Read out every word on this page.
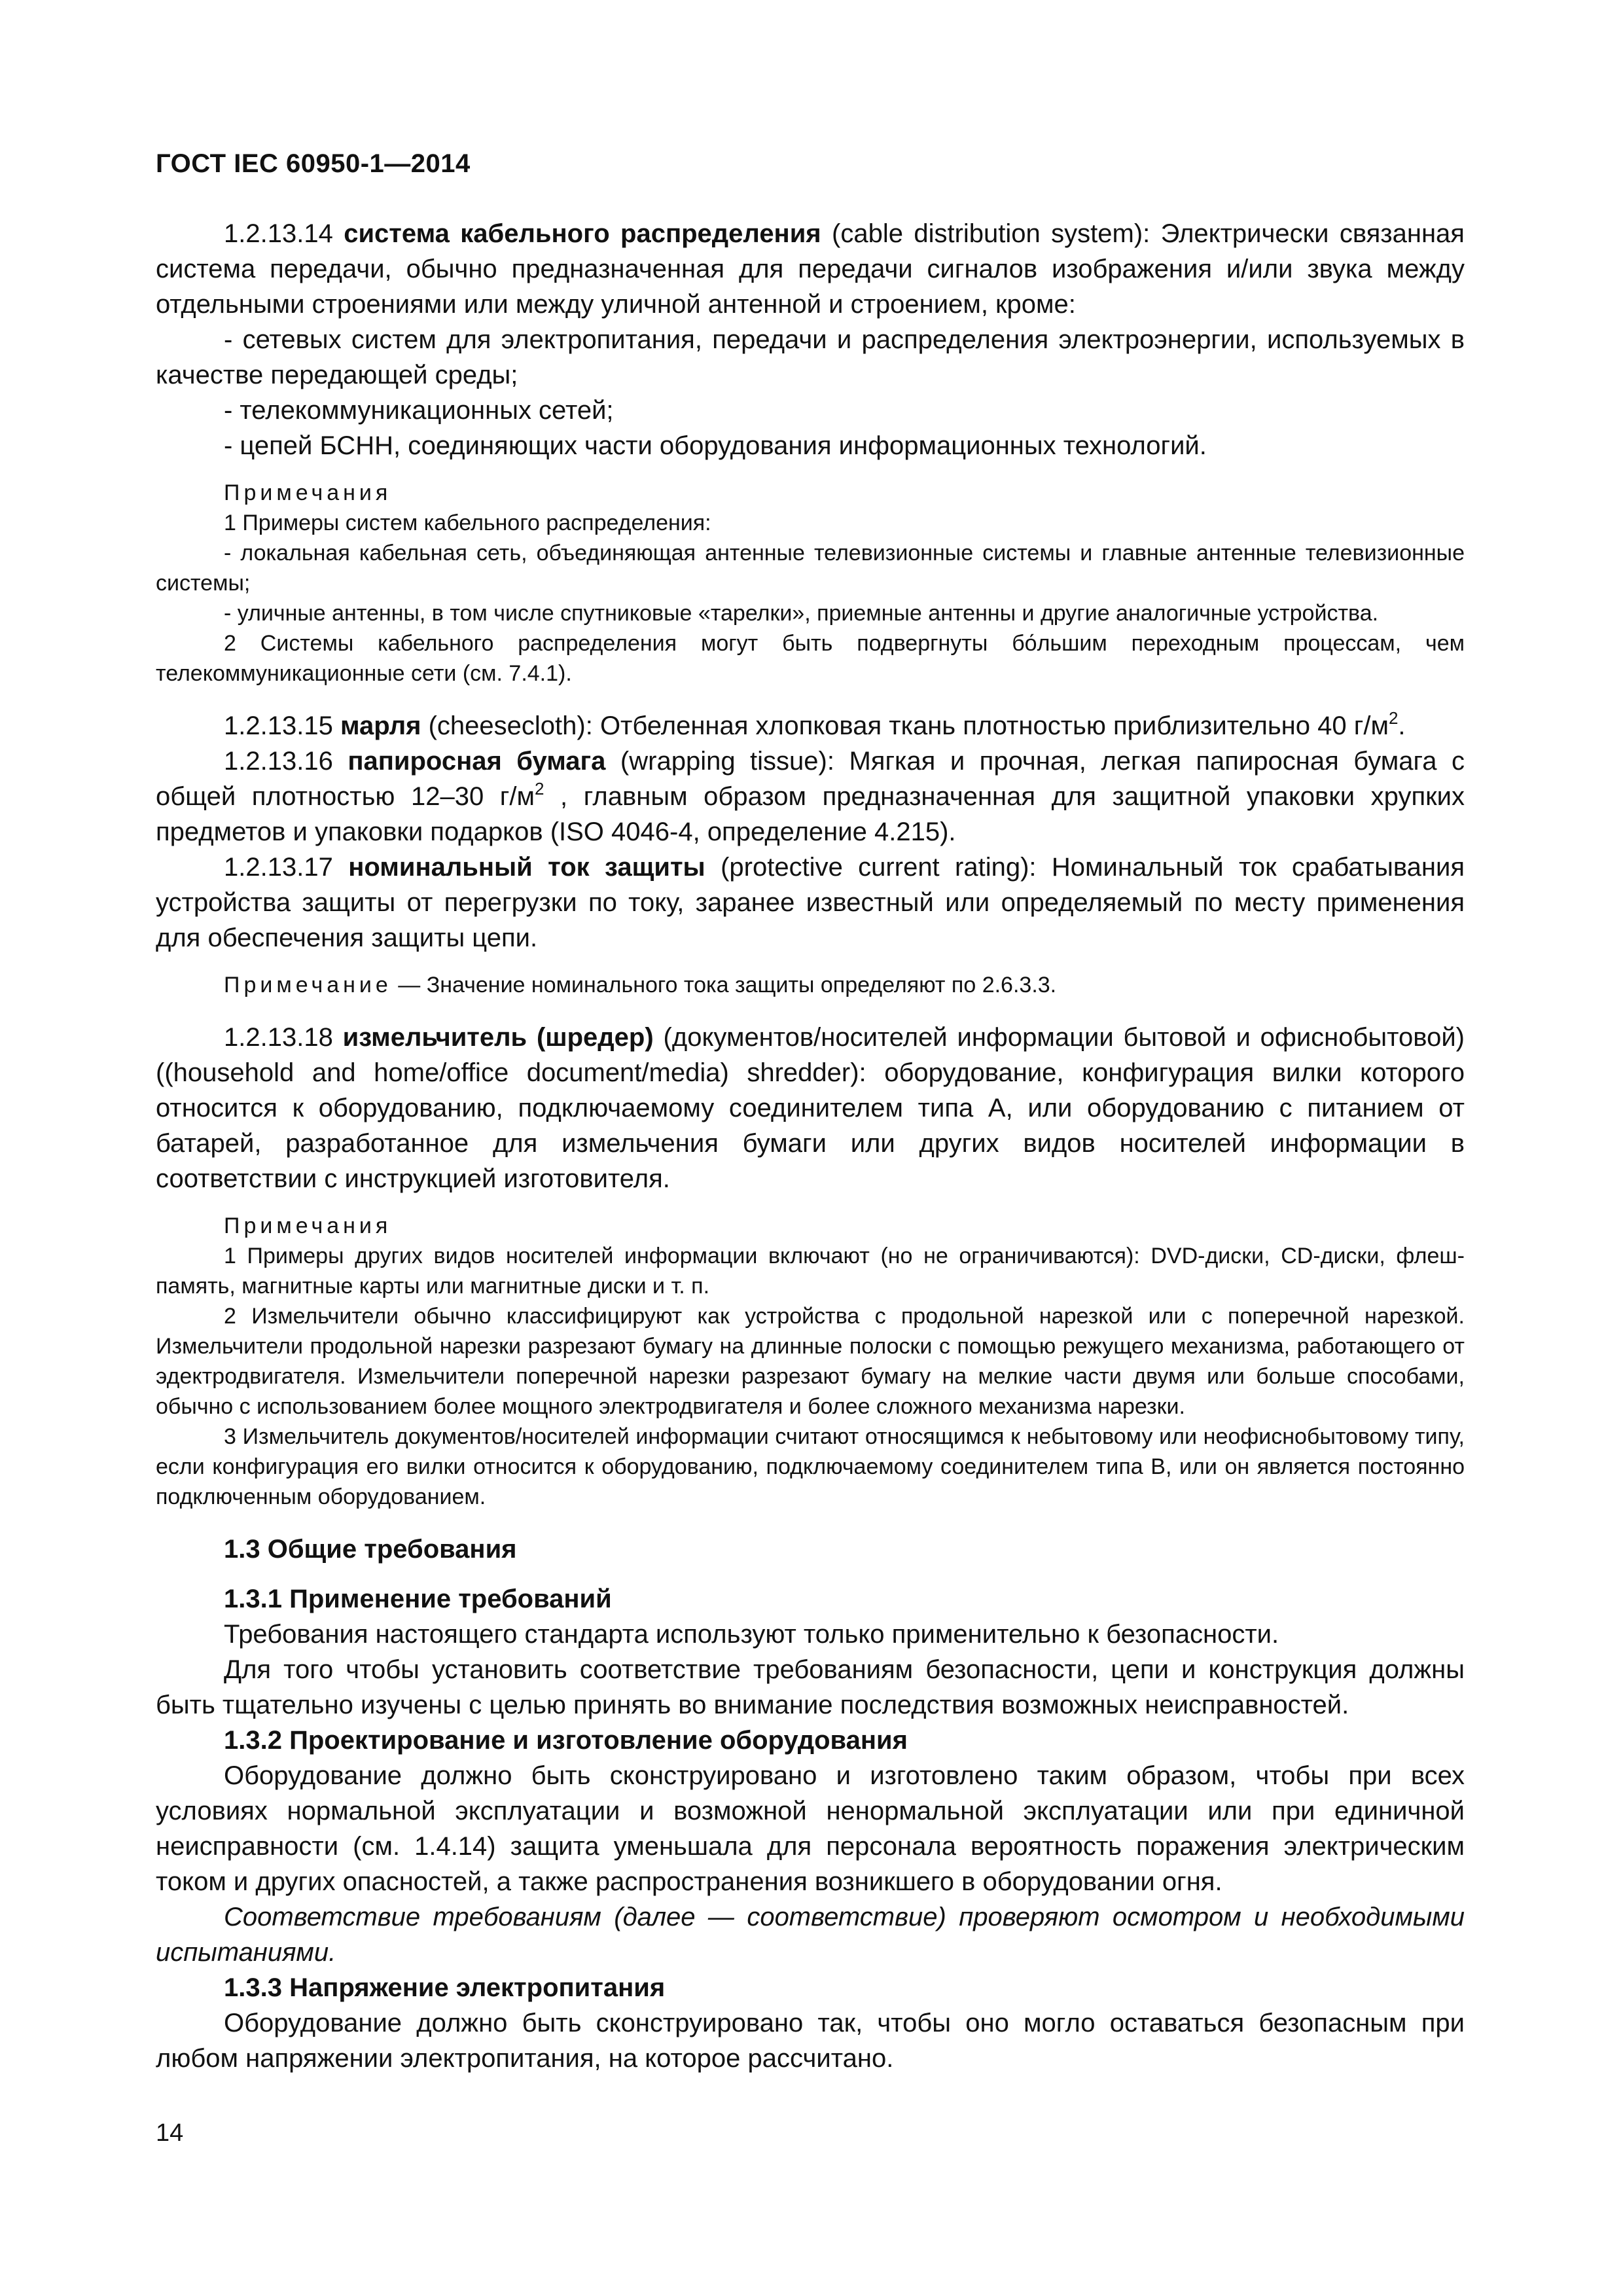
ГОСТ IEC 60950-1—2014

1.2.13.14 система кабельного распределения (cable distribution system): Электрически связанная система передачи, обычно предназначенная для передачи сигналов изображения и/или звука между отдельными строениями или между уличной антенной и строением, кроме:

- сетевых систем для электропитания, передачи и распределения электроэнергии, используемых в качестве передающей среды;

- телекоммуникационных сетей;

- цепей БСНН, соединяющих части оборудования информационных технологий.

Примечания

1 Примеры систем кабельного распределения:

- локальная кабельная сеть, объединяющая антенные телевизионные системы и главные антенные телевизионные системы;

- уличные антенны, в том числе спутниковые «тарелки», приемные антенны и другие аналогичные устройства.

2 Системы кабельного распределения могут быть подвергнуты бо́льшим переходным процессам, чем телекоммуникационные сети (см. 7.4.1).

1.2.13.15 марля (cheesecloth): Отбеленная хлопковая ткань плотностью приблизительно 40 $г/м^2$.

1.2.13.16 папиросная бумага (wrapping tissue): Мягкая и прочная, легкая папиросная бумага с общей плотностью 12–30 $г/м^2$ , главным образом предназначенная для защитной упаковки хрупких предметов и упаковки подарков (ISO 4046-4, определение 4.215).

1.2.13.17 номинальный ток защиты (protective current rating): Номинальный ток срабатывания устройства защиты от перегрузки по току, заранее известный или определяемый по месту применения для обеспечения защиты цепи.

Примечание — Значение номинального тока защиты определяют по 2.6.3.3.

1.2.13.18 измельчитель (шредер) (документов/носителей информации бытовой и офиснобытовой) ((household and home/office document/media) shredder): оборудование, конфигурация вилки которого относится к оборудованию, подключаемому соединителем типа А, или оборудованию с питанием от батарей, разработанное для измельчения бумаги или других видов носителей информации в соответствии с инструкцией изготовителя.

Примечания

1 Примеры других видов носителей информации включают (но не ограничиваются): DVD-диски, CD-диски, флеш-память, магнитные карты или магнитные диски и т. п.

2 Измельчители обычно классифицируют как устройства с продольной нарезкой или с поперечной нарезкой. Измельчители продольной нарезки разрезают бумагу на длинные полоски с помощью режущего механизма, работающего от эдектродвигателя. Измельчители поперечной нарезки разрезают бумагу на мелкие части двумя или больше способами, обычно с использованием более мощного электродвигателя и более сложного механизма нарезки.

3 Измельчитель документов/носителей информации считают относящимся к небытовому или неофиснобытовому типу, если конфигурация его вилки относится к оборудованию, подключаемому соединителем типа В, или он является постоянно подключенным оборудованием.

1.3 Общие требования

1.3.1 Применение требований

Требования настоящего стандарта используют только применительно к безопасности.

Для того чтобы установить соответствие требованиям безопасности, цепи и конструкция должны быть тщательно изучены с целью принять во внимание последствия возможных неисправностей.

1.3.2 Проектирование и изготовление оборудования

Оборудование должно быть сконструировано и изготовлено таким образом, чтобы при всех условиях нормальной эксплуатации и возможной ненормальной эксплуатации или при единичной неисправности (см. 1.4.14) защита уменьшала для персонала вероятность поражения электрическим током и других опасностей, а также распространения возникшего в оборудовании огня.

Соответствие требованиям (далее — соответствие) проверяют осмотром и необходимыми испытаниями.

1.3.3 Напряжение электропитания

Оборудование должно быть сконструировано так, чтобы оно могло оставаться безопасным при любом напряжении электропитания, на которое рассчитано.

14
